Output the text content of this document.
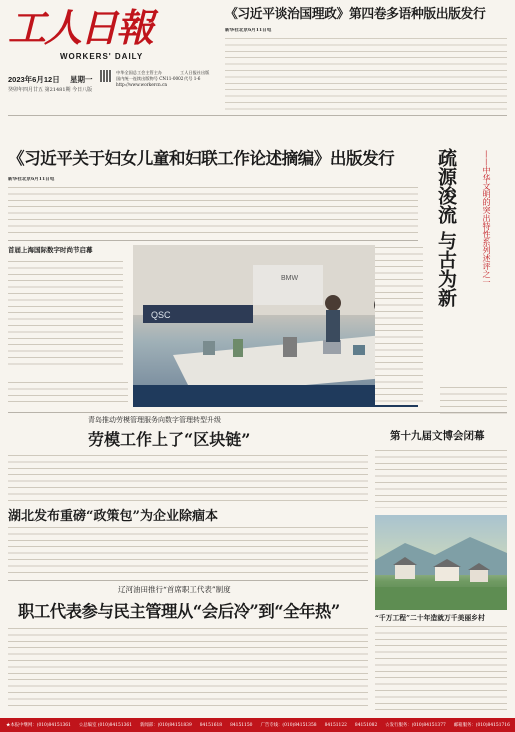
工人日報
WORKERS' DAILY
2023年6月12日 星期一
癸卯年四月廿五 第21481期 今日八版
中华全国总工会主管主办	工人日报社出版
国内统一连续出版物号 CN11-0002 代号 1-6
http://www.workercn.cn
《习近平谈治国理政》第四卷多语种版出版发行
新华社北京6月11日电
《习近平关于妇女儿童和妇联工作论述摘编》出版发行
新华社北京6月11日电
首届上海国际数字时尚节启幕
BMW
QSC
疏源浚流 与古为新	——中华文明的突出特性系列述评之一
青岛推动劳模管理服务向数字管理转型升级
劳模工作上了“区块链”	第十九届文博会闭幕
湖北发布重磅“政策包”为企业除痼本
辽河油田推行“首席职工代表”制度
职工代表参与民主管理从“会后冷”到“全年热”	“千万工程”二十年造就万千美丽乡村
★本报中继网：(010)84151361 ☆总编室 (010)84151361 新闻部：(010)84151839 84151618 84151150 广告专线：(010)84151358 84151122 84151082 ☆发行服务：(010)84151377 邮箱服务：(010)84151716
